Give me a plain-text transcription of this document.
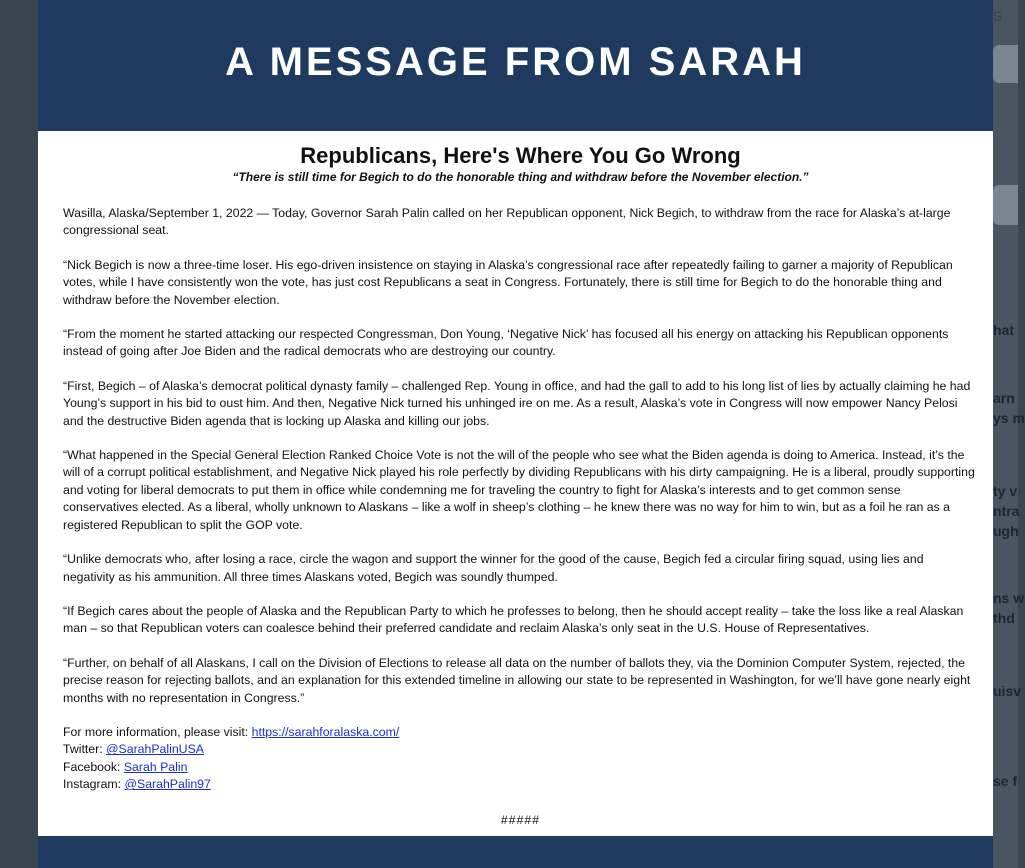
S
hat
arn
ys m
ty v
ntra
ugh
ns w
thd
uisv
se f
A MESSAGE FROM SARAH
Republicans, Here's Where You Go Wrong
“There is still time for Begich to do the honorable thing and withdraw before the November election.”

Wasilla, Alaska/September 1, 2022 — Today, Governor Sarah Palin called on her Republican opponent, Nick Begich, to withdraw from the race for Alaska’s at-large congressional seat.

“Nick Begich is now a three-time loser. His ego-driven insistence on staying in Alaska’s congressional race after repeatedly failing to garner a majority of Republican votes, while I have consistently won the vote, has just cost Republicans a seat in Congress. Fortunately, there is still time for Begich to do the honorable thing and withdraw before the November election.

“From the moment he started attacking our respected Congressman, Don Young, ‘Negative Nick’ has focused all his energy on attacking his Republican opponents instead of going after Joe Biden and the radical democrats who are destroying our country.

“First, Begich – of Alaska’s democrat political dynasty family – challenged Rep. Young in office, and had the gall to add to his long list of lies by actually claiming he had Young’s support in his bid to oust him. And then, Negative Nick turned his unhinged ire on me. As a result, Alaska’s vote in Congress will now empower Nancy Pelosi and the destructive Biden agenda that is locking up Alaska and killing our jobs.

“What happened in the Special General Election Ranked Choice Vote is not the will of the people who see what the Biden agenda is doing to America. Instead, it’s the will of a corrupt political establishment, and Negative Nick played his role perfectly by dividing Republicans with his dirty campaigning. He is a liberal, proudly supporting and voting for liberal democrats to put them in office while condemning me for traveling the country to fight for Alaska’s interests and to get common sense conservatives elected. As a liberal, wholly unknown to Alaskans – like a wolf in sheep’s clothing – he knew there was no way for him to win, but as a foil he ran as a registered Republican to split the GOP vote.

“Unlike democrats who, after losing a race, circle the wagon and support the winner for the good of the cause, Begich fed a circular firing squad, using lies and negativity as his ammunition. All three times Alaskans voted, Begich was soundly thumped.

“If Begich cares about the people of Alaska and the Republican Party to which he professes to belong, then he should accept reality – take the loss like a real Alaskan man – so that Republican voters can coalesce behind their preferred candidate and reclaim Alaska’s only seat in the U.S. House of Representatives.

“Further, on behalf of all Alaskans, I call on the Division of Elections to release all data on the number of ballots they, via the Dominion Computer System, rejected, the precise reason for rejecting ballots, and an explanation for this extended timeline in allowing our state to be represented in Washington, for we’ll have gone nearly eight months with no representation in Congress.”

For more information, please visit: https://sarahforalaska.com/
Twitter: @SarahPalinUSA
Facebook: Sarah Palin
Instagram: @SarahPalin97
#####
